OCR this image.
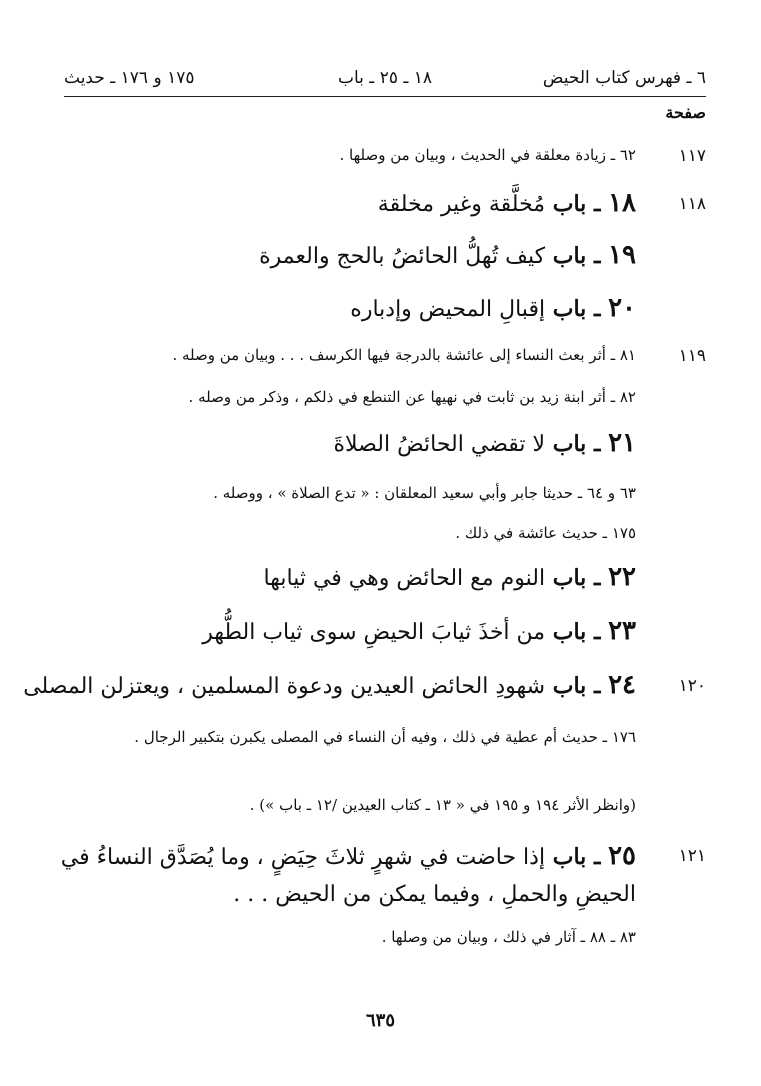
٦ ـ فهرس كتاب الحيض
١٨ ـ ٢٥ ـ باب
١٧٥ و ١٧٦ ـ حديث
صفحة
١١٧
٦٢ ـ زيادة معلقة في الحديث ، وبيان من وصلها .
١١٨
١٨ ـ باب مُخلَّقة وغير مخلقة
١٩ ـ باب كيف تُهلُّ الحائضُ بالحج والعمرة
٢٠ ـ باب إقبالِ المحيض وإدباره
١١٩
٨١ ـ أثر بعث النساء إلى عائشة بالدرجة فيها الكرسف . . . وبيان من وصله .
٨٢ ـ أثر ابنة زيد بن ثابت في نهيها عن التنطع في ذلكم ، وذكر من وصله .
٢١ ـ باب لا تقضي الحائضُ الصلاةَ
٦٣ و ٦٤ ـ حديثا جابر وأبي سعيد المعلقان : « تدع الصلاة » ، ووصله .
١٧٥ ـ حديث عائشة في ذلك .
٢٢ ـ باب النوم مع الحائض وهي في ثيابها
٢٣ ـ باب من أخذَ ثيابَ الحيضِ سوى ثياب الطُّهر
١٢٠
٢٤ ـ باب شهودِ الحائض العيدين ودعوة المسلمين ، ويعتزلن المصلى
١٧٦ ـ حديث أم عطية في ذلك ، وفيه أن النساء في المصلى يكبرن بتكبير الرجال .
(وانظر الأثر ١٩٤ و ١٩٥ في « ١٣ ـ كتاب العيدين /١٢ ـ باب ») .
١٢١
٢٥ ـ باب إذا حاضت في شهرٍ ثلاثَ حِيَضٍ ، وما يُصَدَّق النساءُ في الحيضِ والحملِ ، وفيما يمكن من الحيض . . .
٨٣ ـ ٨٨ ـ آثار في ذلك ، وبيان من وصلها .
٦٣٥
